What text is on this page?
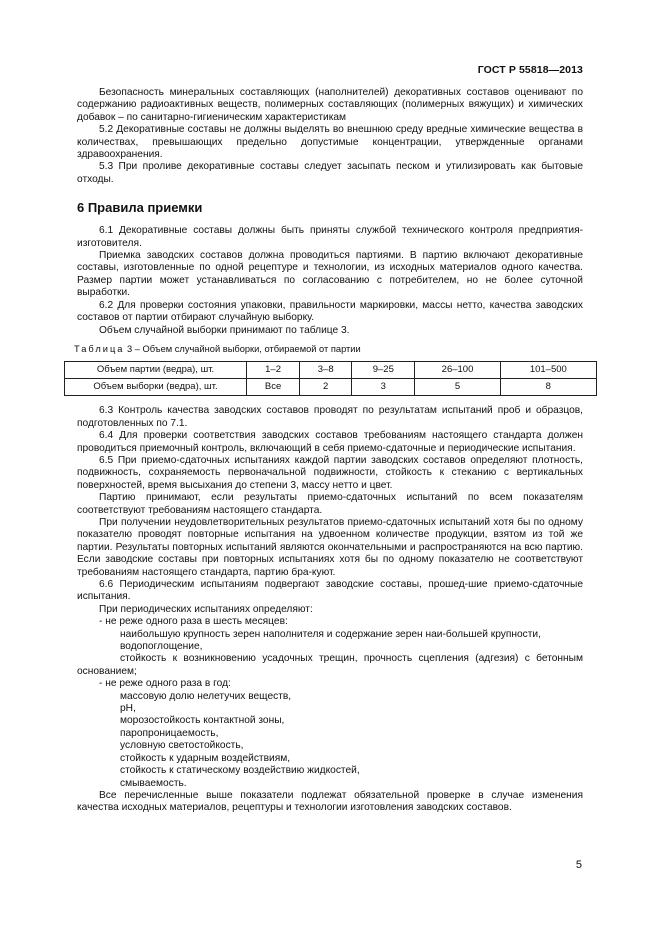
ГОСТ Р 55818—2013

Безопасность минеральных составляющих (наполнителей) декоративных составов оценивают по содержанию радиоактивных веществ, полимерных составляющих (полимерных вяжущих) и химических добавок – по санитарно-гигиеническим характеристикам

5.2 Декоративные составы не должны выделять во внешнюю среду вредные химические вещества в количествах, превышающих предельно допустимые концентрации, утвержденные органами здравоохранения.

5.3 При проливе декоративные составы следует засыпать песком и утилизировать как бытовые отходы.

6 Правила приемки

6.1 Декоративные составы должны быть приняты службой технического контроля предприятия-изготовителя.

Приемка заводских составов должна проводиться партиями. В партию включают декоративные составы, изготовленные по одной рецептуре и технологии, из исходных материалов одного качества. Размер партии может устанавливаться по согласованию с потребителем, но не более суточной выработки.

6.2 Для проверки состояния упаковки, правильности маркировки, массы нетто, качества заводских составов от партии отбирают случайную выборку.

Объем случайной выборки принимают по таблице 3.

Таблица 3 – Объем случайной выборки, отбираемой от партии
Объем партии (ведра), шт.	1–2	3–8	9–25	26–100	101–500
Объем выборки (ведра), шт.	Все	2	3	5	8

6.3 Контроль качества заводских составов проводят по результатам испытаний проб и образцов, подготовленных по 7.1.

6.4 Для проверки соответствия заводских составов требованиям настоящего стандарта должен проводиться приемочный контроль, включающий в себя приемо-сдаточные и периодические испытания.

6.5 При приемо-сдаточных испытаниях каждой партии заводских составов определяют плотность, подвижность, сохраняемость первоначальной подвижности, стойкость к стеканию с вертикальных поверхностей, время высыхания до степени 3, массу нетто и цвет.

Партию принимают, если результаты приемо-сдаточных испытаний по всем показателям соответствуют требованиям настоящего стандарта.

При получении неудовлетворительных результатов приемо-сдаточных испытаний хотя бы по одному показателю проводят повторные испытания на удвоенном количестве продукции, взятом из той же партии. Результаты повторных испытаний являются окончательными и распространяются на всю партию. Если заводские составы при повторных испытаниях хотя бы по одному показателю не соответствуют требованиям настоящего стандарта, партию бра-куют.

6.6 Периодическим испытаниям подвергают заводские составы, прошед-шие приемо-сдаточные испытания.

При периодических испытаниях определяют:

- не реже одного раза в шесть месяцев:

наибольшую крупность зерен наполнителя и содержание зерен наи-большей крупности,

водопоглощение,

стойкость к возникновению усадочных трещин, прочность сцепления (адгезия) с бетонным основанием;

- не реже одного раза в год:

массовую долю нелетучих веществ,

pH,

морозостойкость контактной зоны,

паропроницаемость,

условную светостойкость,

стойкость к ударным воздействиям,

стойкость к статическому воздействию жидкостей,

смываемость.

Все перечисленные выше показатели подлежат обязательной проверке в случае изменения качества исходных материалов, рецептуры и технологии изготовления заводских составов.

5
